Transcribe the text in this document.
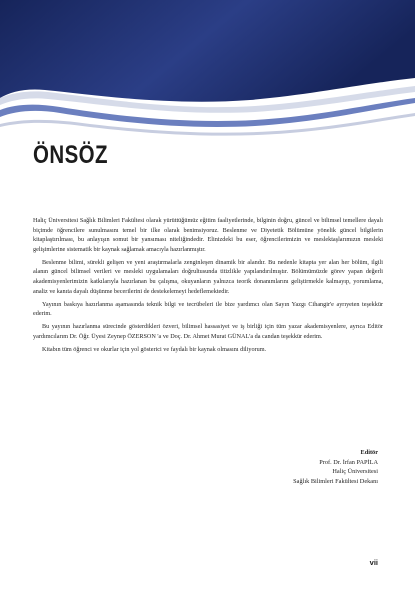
ÖNSÖZ

Haliç Üniversitesi Sağlık Bilimleri Fakültesi olarak yürüttüğümüz eğitim faaliyetlerinde, bilginin doğru, güncel ve bilimsel temellere dayalı biçimde öğrencilere sunulmasını temel bir ilke olarak benimsiyoruz. Beslenme ve Diyetetik Bölümüne yönelik güncel bilgilerin kitaplaştırılması, bu anlayışın somut bir yansıması niteliğindedir. Elinizdeki bu eser, öğrencilerimizin ve meslektaşlarımızın mesleki gelişimlerine sistematik bir kaynak sağlamak amacıyla hazırlanmıştır.

Beslenme bilimi, sürekli gelişen ve yeni araştırmalarla zenginleşen dinamik bir alandır. Bu nedenle kitapta yer alan her bölüm, ilgili alanın güncel bilimsel verileri ve mesleki uygulamaları doğrultusunda titizlikle yapılandırılmıştır. Bölümümüzde görev yapan değerli akademisyenlerimizin katkılarıyla hazırlanan bu çalışma, okuyanların yalnızca teorik donanımlarını geliştirmekle kalmayıp, yorumlama, analiz ve kanıta dayalı düşünme becerilerini de destekelemeyi hedeflemektedir.

Yayının baskıya hazırlanma aşamasında teknik bilgi ve tecrübeleri ile bize yardımcı olan Sayın Yazgı Cihangir'e ayrıyeten teşekkür ederim.

Bu yayının hazırlanma sürecinde gösterdikleri özveri, bilimsel hassasiyet ve iş birliği için tüm yazar akademisyenlere, ayrıca Editör yardımcılarım Dr. Öğr. Üyesi Zeynep ÖZERSON 'a ve Doç. Dr. Ahmet Murat GÜNAL'a da candan teşekkür ederim.

Kitabın tüm öğrenci ve okurlar için yol gösterici ve faydalı bir kaynak olmasını diliyorum.

Editör
Prof. Dr. İrfan PAPİLA
Haliç Üniversitesi
Sağlık Bilimleri Fakültesi Dekanı
vii
